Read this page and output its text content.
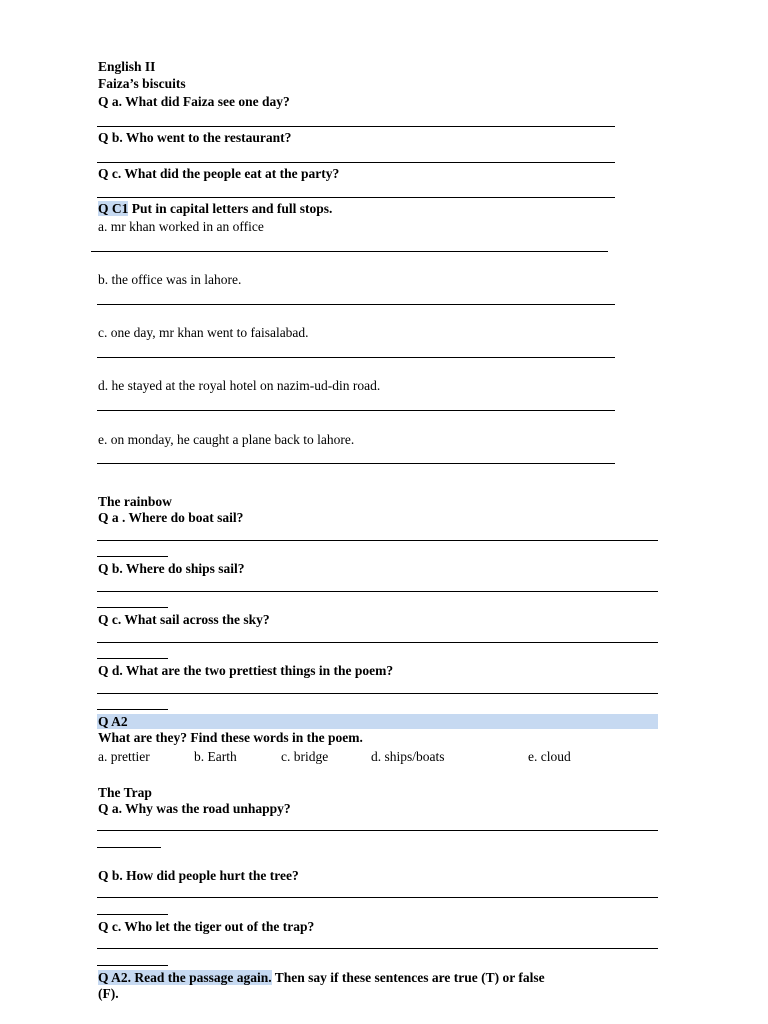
English II
Faiza’s biscuits
Q a. What did Faiza see one day?
Q b. Who went to the restaurant?
Q c. What did the people eat at the party?
Q C1 Put in capital letters and full stops.
a. mr khan worked in an office
b. the office was in lahore.
c. one day, mr khan went to faisalabad.
d. he stayed at the royal hotel on nazim-ud-din road.
e. on monday, he caught a plane back to lahore.
The rainbow
Q a . Where do boat sail?
Q b. Where do ships sail?
Q c. What sail across the sky?
Q d. What are the two prettiest things in the poem?
Q A2
What are they? Find these words in the poem.
a. prettier	b. Earth	c. bridge	d. ships/boats	e. cloud
The Trap
Q a. Why was the road unhappy?
Q b. How did people hurt the tree?
Q c. Who let the tiger out of the trap?
Q A2. Read the passage again. Then say if these sentences are true (T) or false
(F).
